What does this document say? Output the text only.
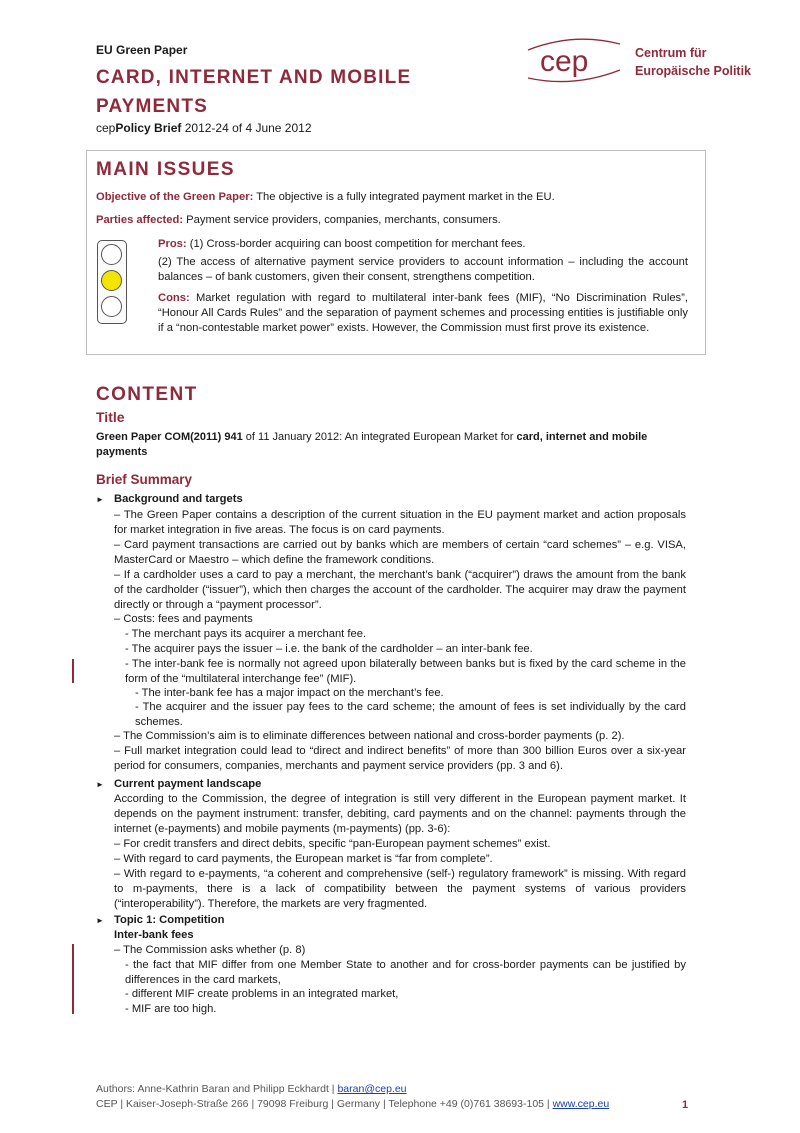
EU Green Paper
CARD, INTERNET AND MOBILE PAYMENTS
cepPolicy Brief 2012-24 of 4 June 2012
cep	Centrum für
Europäische Politik
MAIN ISSUES
Objective of the Green Paper: The objective is a fully integrated payment market in the EU.
Parties affected: Payment service providers, companies, merchants, consumers.
Pros: (1) Cross-border acquiring can boost competition for merchant fees.
(2) The access of alternative payment service providers to account information – including the account balances – of bank customers, given their consent, strengthens competition.
Cons: Market regulation with regard to multilateral inter-bank fees (MIF), “No Discrimination Rules”, “Honour All Cards Rules” and the separation of payment schemes and processing entities is justifiable only if a “non-contestable market power” exists. However, the Commission must first prove its existence.
CONTENT
Title
Green Paper COM(2011) 941 of 11 January 2012: An integrated European Market for card, internet and mobile payments
Brief Summary
► Background and targets
– The Green Paper contains a description of the current situation in the EU payment market and action proposals for market integration in five areas. The focus is on card payments.
– Card payment transactions are carried out by banks which are members of certain “card schemes” – e.g. VISA, MasterCard or Maestro – which define the framework conditions.
– If a cardholder uses a card to pay a merchant, the merchant’s bank (“acquirer”) draws the amount from the bank of the cardholder (“issuer”), which then charges the account of the cardholder. The acquirer may draw the payment directly or through a “payment processor”.
– Costs: fees and payments
- The merchant pays its acquirer a merchant fee.
- The acquirer pays the issuer – i.e. the bank of the cardholder – an inter-bank fee.
- The inter-bank fee is normally not agreed upon bilaterally between banks but is fixed by the card scheme in the form of the “multilateral interchange fee” (MIF).
- The inter-bank fee has a major impact on the merchant’s fee.
- The acquirer and the issuer pay fees to the card scheme; the amount of fees is set individually by the card schemes.
– The Commission’s aim is to eliminate differences between national and cross-border payments (p. 2).
– Full market integration could lead to “direct and indirect benefits” of more than 300 billion Euros over a six-year period for consumers, companies, merchants and payment service providers (pp. 3 and 6).
► Current payment landscape
According to the Commission, the degree of integration is still very different in the European payment market. It depends on the payment instrument: transfer, debiting, card payments and on the channel: payments through the internet (e-payments) and mobile payments (m-payments) (pp. 3-6):
– For credit transfers and direct debits, specific “pan-European payment schemes” exist.
– With regard to card payments, the European market is “far from complete”.
– With regard to e-payments, “a coherent and comprehensive (self-) regulatory framework” is missing. With regard to m-payments, there is a lack of compatibility between the payment systems of various providers (“interoperability”). Therefore, the markets are very fragmented.
► Topic 1: Competition
Inter-bank fees
– The Commission asks whether (p. 8)
- the fact that MIF differ from one Member State to another and for cross-border payments can be justified by differences in the card markets,
- different MIF create problems in an integrated market,
- MIF are too high.
Authors: Anne-Kathrin Baran and Philipp Eckhardt | baran@cep.eu
CEP | Kaiser-Joseph-Straße 266 | 79098 Freiburg | Germany | Telephone +49 (0)761 38693-105 | www.cep.eu	1
